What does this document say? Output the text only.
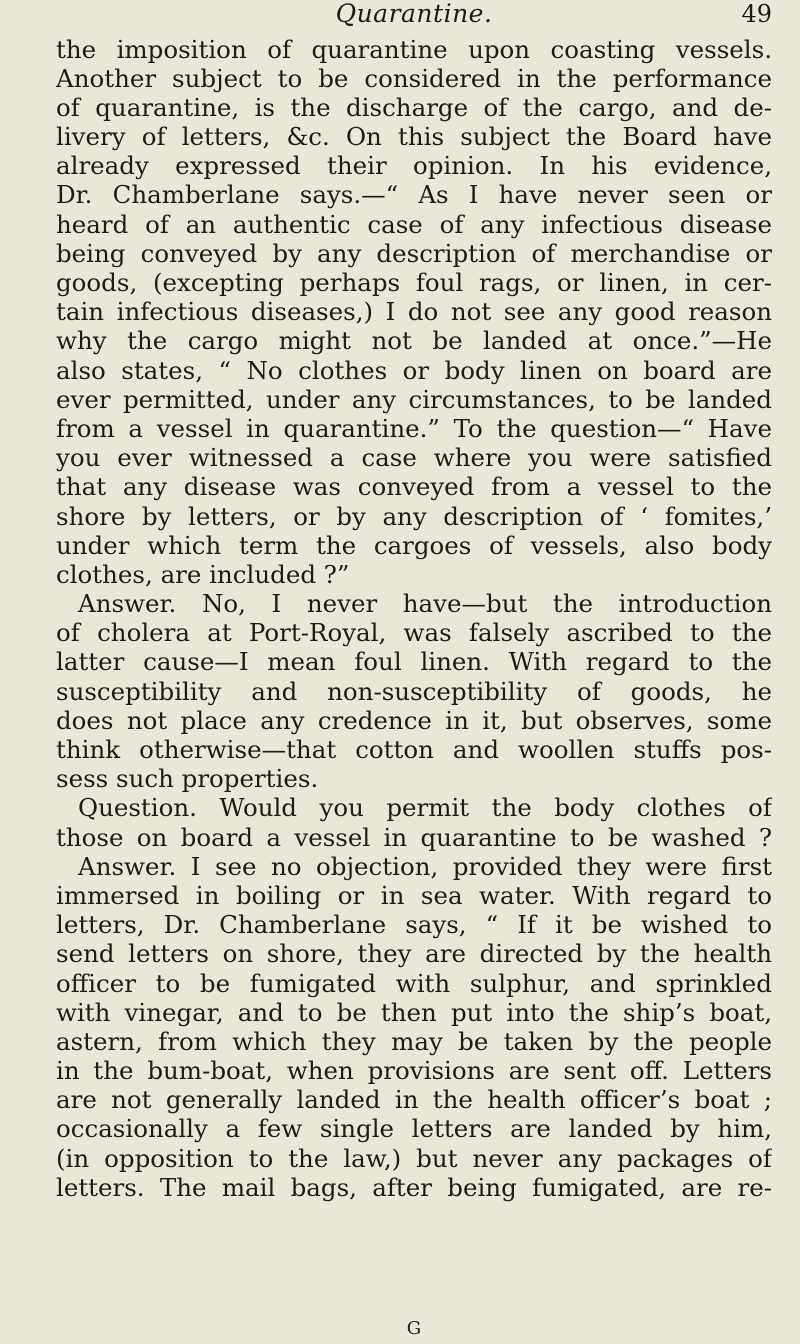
Quarantine.	49
the imposition of quarantine upon coasting vessels.
Another subject to be considered in the performance
of quarantine, is the discharge of the cargo, and de-
livery of letters, &c. On this subject the Board have
already expressed their opinion. In his evidence,
Dr. Chamberlane says.—“ As I have never seen or
heard of an authentic case of any infectious disease
being conveyed by any description of merchandise or
goods, (excepting perhaps foul rags, or linen, in cer-
tain infectious diseases,) I do not see any good reason
why the cargo might not be landed at once.”—He
also states, “ No clothes or body linen on board are
ever permitted, under any circumstances, to be landed
from a vessel in quarantine.” To the question—“ Have
you ever witnessed a case where you were satisfied
that any disease was conveyed from a vessel to the
shore by letters, or by any description of ‘ fomites,’
under which term the cargoes of vessels, also body
clothes, are included ?”
Answer. No, I never have—but the introduction
of cholera at Port-Royal, was falsely ascribed to the
latter cause—I mean foul linen. With regard to the
susceptibility and non-susceptibility of goods, he
does not place any credence in it, but observes, some
think otherwise—that cotton and woollen stuffs pos-
sess such properties.
Question. Would you permit the body clothes of
those on board a vessel in quarantine to be washed ?
Answer. I see no objection, provided they were first
immersed in boiling or in sea water. With regard to
letters, Dr. Chamberlane says, “ If it be wished to
send letters on shore, they are directed by the health
officer to be fumigated with sulphur, and sprinkled
with vinegar, and to be then put into the ship’s boat,
astern, from which they may be taken by the people
in the bum-boat, when provisions are sent off. Letters
are not generally landed in the health officer’s boat ;
occasionally a few single letters are landed by him,
(in opposition to the law,) but never any packages of
letters. The mail bags, after being fumigated, are re-
G
